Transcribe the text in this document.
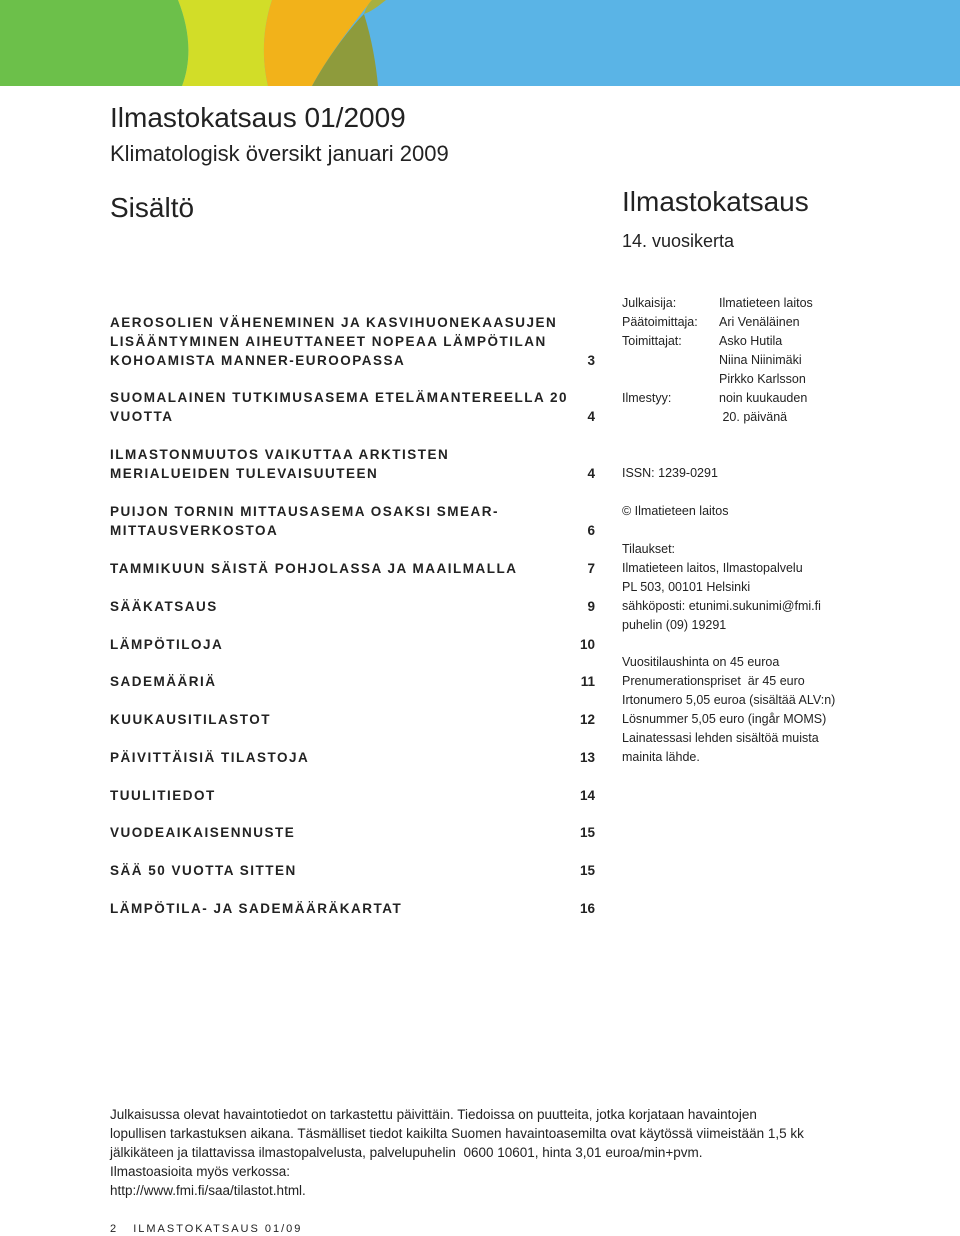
Ilmastokatsaus 01/2009
Klimatologisk översikt januari 2009
Sisältö	Ilmastokatsaus
14. vuosikerta
AEROSOLIEN VÄHENEMINEN JA KASVIHUONEKAASUJEN LISÄÄNTYMINEN AIHEUTTANEET NOPEAA LÄMPÖTILAN KOHOAMISTA MANNER-EUROOPASSA	3
SUOMALAINEN TUTKIMUSASEMA ETELÄMANTEREELLA 20 VUOTTA	4
ILMASTONMUUTOS VAIKUTTAA ARKTISTEN MERIALUEIDEN TULEVAISUUTEEN	4
PUIJON TORNIN MITTAUSASEMA OSAKSI SMEAR-MITTAUSVERKOSTOA	6
TAMMIKUUN SÄISTÄ POHJOLASSA JA MAAILMALLA	7
SÄÄKATSAUS	9
LÄMPÖTILOJA	10
SADEMÄÄRIÄ	11
KUUKAUSITILASTOT	12
PÄIVITTÄISIÄ TILASTOJA	13
TUULITIEDOT	14
VUODEAIKAISENNUSTE	15
SÄÄ 50 VUOTTA SITTEN	15
LÄMPÖTILA- JA SADEMÄÄRÄKARTAT	16
Julkaisija:	Ilmatieteen laitos
Päätoimittaja: Ari Venäläinen
Toimittajat:	Asko Hutila
Niina Niinimäki
Pirkko Karlsson
Ilmestyy:	noin kuukauden
20. päivänä
ISSN: 1239-0291
© Ilmatieteen laitos
Tilaukset:
Ilmatieteen laitos, Ilmastopalvelu
PL 503, 00101 Helsinki
sähköposti: etunimi.sukunimi@fmi.fi
puhelin (09) 19291
Vuositilaushinta on 45 euroa
Prenumerationspriset  är 45 euro
Irtonumero 5,05 euroa (sisältää ALV:n)
Lösnummer 5,05 euro (ingår MOMS)
Lainatessasi lehden sisältöä muista
mainita lähde.
Julkaisussa olevat havaintotiedot on tarkastettu päivittäin. Tiedoissa on puutteita, jotka korjataan havaintojen
lopullisen tarkastuksen aikana. Täsmälliset tiedot kaikilta Suomen havaintoasemilta ovat käytössä viimeistään 1,5 kk
jälkikäteen ja tilattavissa ilmastopalvelusta, palvelupuhelin  0600 10601, hinta 3,01 euroa/min+pvm.
Ilmastoasioita myös verkossa:
http://www.fmi.fi/saa/tilastot.html.
2 ILMASTOKATSAUS 01/09
